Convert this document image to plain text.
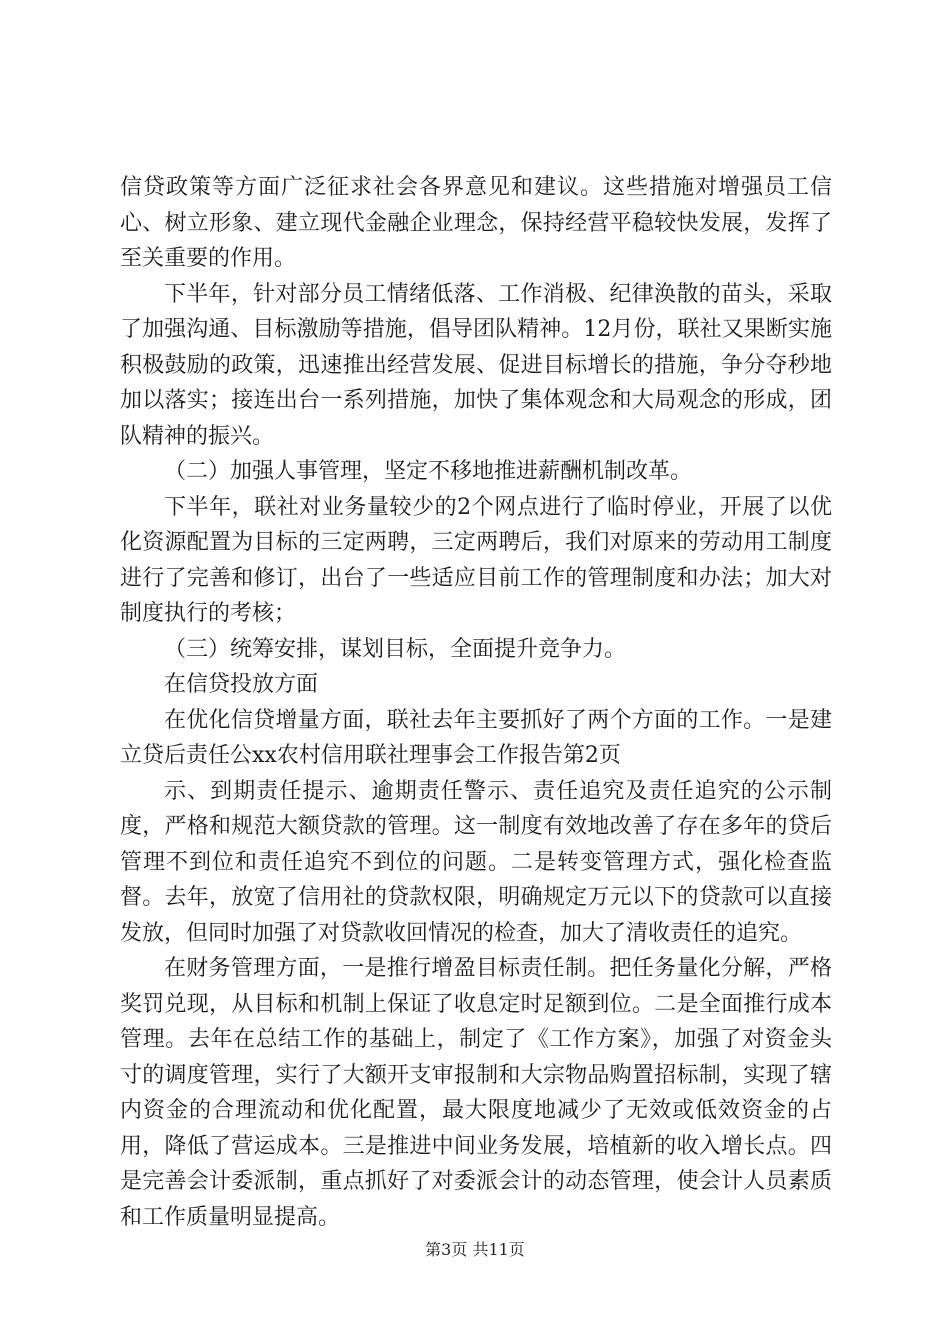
信贷政策等方面广泛征求社会各界意见和建议。这些措施对增强员工信心、树立形象、建立现代金融企业理念，保持经营平稳较快发展，发挥了至关重要的作用。

下半年，针对部分员工情绪低落、工作消极、纪律涣散的苗头，采取了加强沟通、目标激励等措施，倡导团队精神。12月份，联社又果断实施积极鼓励的政策，迅速推出经营发展、促进目标增长的措施，争分夺秒地加以落实；接连出台一系列措施，加快了集体观念和大局观念的形成，团队精神的振兴。

（二）加强人事管理，坚定不移地推进薪酬机制改革。

下半年，联社对业务量较少的2个网点进行了临时停业，开展了以优化资源配置为目标的三定两聘，三定两聘后，我们对原来的劳动用工制度进行了完善和修订，出台了一些适应目前工作的管理制度和办法；加大对制度执行的考核；

（三）统筹安排，谋划目标，全面提升竞争力。

在信贷投放方面

在优化信贷增量方面，联社去年主要抓好了两个方面的工作。一是建立贷后责任公xx农村信用联社理事会工作报告第2页

示、到期责任提示、逾期责任警示、责任追究及责任追究的公示制度，严格和规范大额贷款的管理。这一制度有效地改善了存在多年的贷后管理不到位和责任追究不到位的问题。二是转变管理方式，强化检查监督。去年，放宽了信用社的贷款权限，明确规定万元以下的贷款可以直接发放，但同时加强了对贷款收回情况的检查，加大了清收责任的追究。

在财务管理方面，一是推行增盈目标责任制。把任务量化分解，严格奖罚兑现，从目标和机制上保证了收息定时足额到位。二是全面推行成本管理。去年在总结工作的基础上，制定了《工作方案》，加强了对资金头寸的调度管理，实行了大额开支审报制和大宗物品购置招标制，实现了辖内资金的合理流动和优化配置，最大限度地减少了无效或低效资金的占用，降低了营运成本。三是推进中间业务发展，培植新的收入增长点。四是完善会计委派制，重点抓好了对委派会计的动态管理，使会计人员素质和工作质量明显提高。

第3页 共11页
